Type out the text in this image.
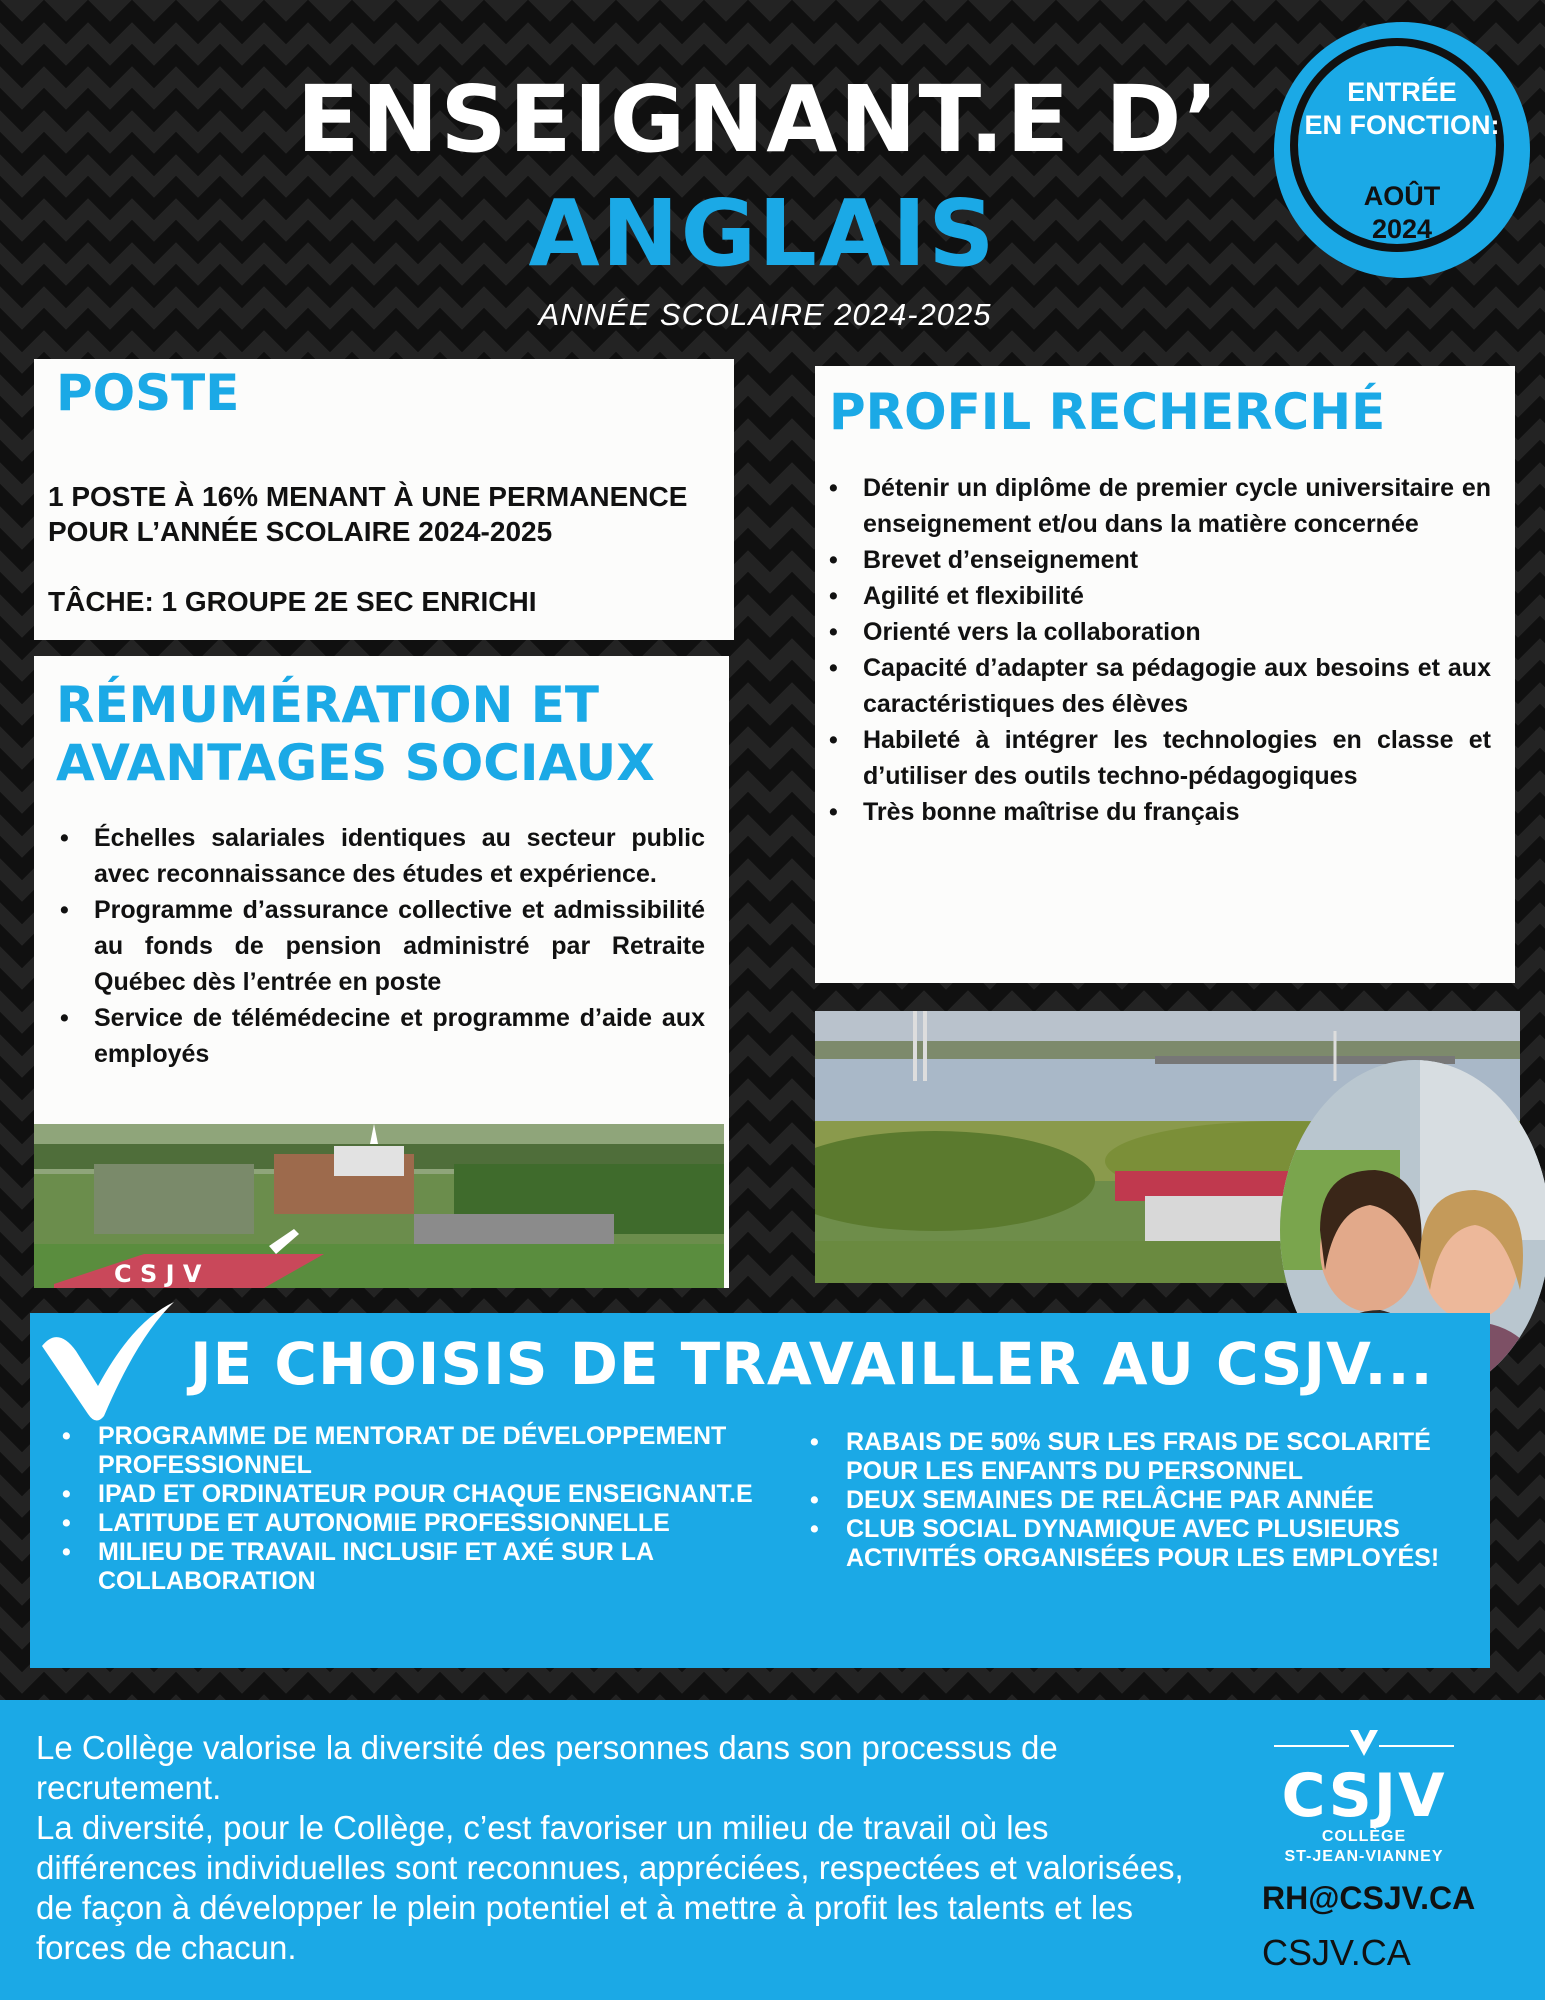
ENSEIGNANT.E D’
ANGLAIS
ANNÉE SCOLAIRE 2024-2025
ENTRÉE
EN FONCTION:
AOÛT
2024
POSTE
1 POSTE À 16% MENANT À UNE PERMANENCE
POUR L’ANNÉE SCOLAIRE 2024-2025
TÂCHE: 1 GROUPE 2E SEC ENRICHI
RÉMUMÉRATION ET
AVANTAGES SOCIAUX
• Échelles salariales identiques au secteur public avec reconnaissance des études et expérience.
• Programme d’assurance collective et admissibilité au fonds de pension administré par Retraite Québec dès l’entrée en poste
• Service de télémédecine et programme d’aide aux employés
C S J V
PROFIL RECHERCHÉ
• Détenir un diplôme de premier cycle universitaire en enseignement et/ou dans la matière concernée
• Brevet d’enseignement
• Agilité et flexibilité
• Orienté vers la collaboration
• Capacité d’adapter sa pédagogie aux besoins et aux caractéristiques des élèves
• Habileté à intégrer les technologies en classe et d’utiliser des outils techno-pédagogiques
• Très bonne maîtrise du français
JE CHOISIS DE TRAVAILLER AU CSJV...
• PROGRAMME DE MENTORAT DE DÉVELOPPEMENT PROFESSIONNEL
• IPAD ET ORDINATEUR POUR CHAQUE ENSEIGNANT.E
• LATITUDE ET AUTONOMIE PROFESSIONNELLE
• MILIEU DE TRAVAIL INCLUSIF ET AXÉ SUR LA COLLABORATION
• RABAIS DE 50% SUR LES FRAIS DE SCOLARITÉ POUR LES ENFANTS DU PERSONNEL
• DEUX SEMAINES DE RELÂCHE PAR ANNÉE
• CLUB SOCIAL DYNAMIQUE AVEC PLUSIEURS ACTIVITÉS ORGANISÉES POUR LES EMPLOYÉS!
Le Collège valorise la diversité des personnes dans son processus de recrutement.
La diversité, pour le Collège, c’est favoriser un milieu de travail où les différences individuelles sont reconnues, appréciées, respectées et valorisées, de façon à développer le plein potentiel et à mettre à profit les talents et les forces de chacun.
CSJV
COLLÈGE
ST-JEAN-VIANNEY
RH@CSJV.CA
CSJV.CA
